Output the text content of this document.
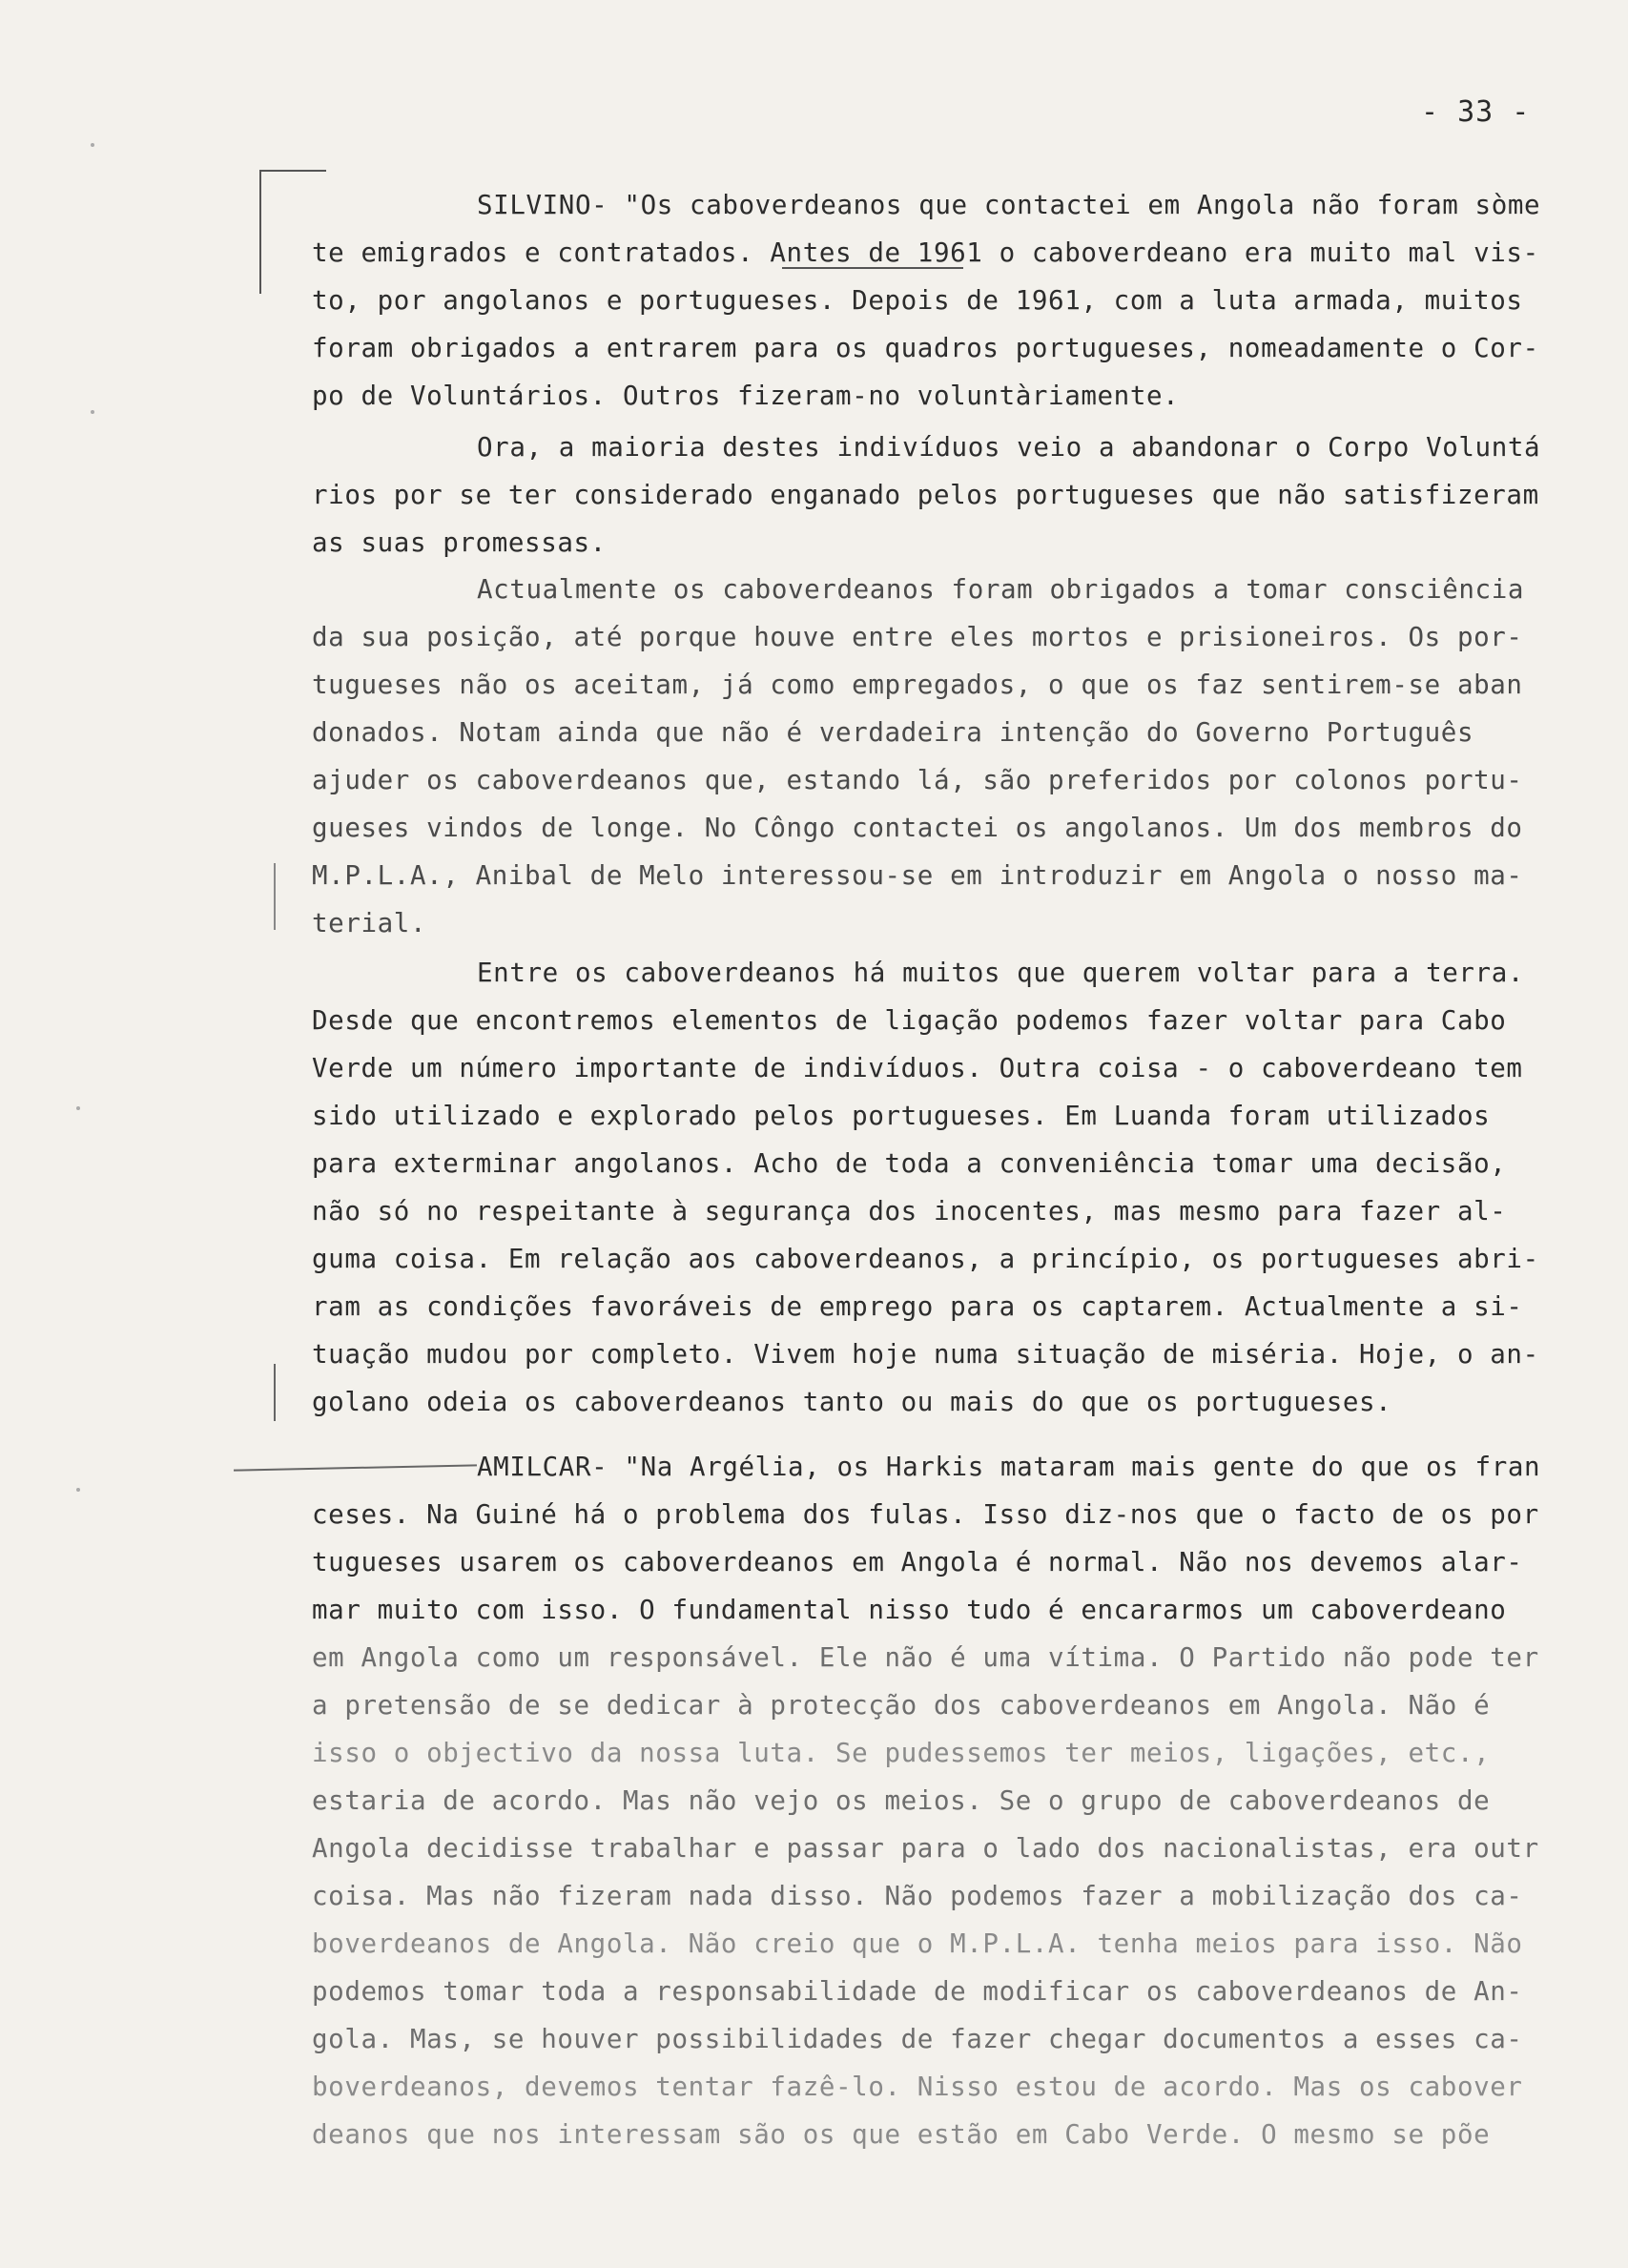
- 33 -
SILVINO- "Os caboverdeanos que contactei em Angola não foram sòme
te emigrados e contratados. Antes de 1961 o caboverdeano era muito mal vis-
to, por angolanos e portugueses. Depois de 1961, com a luta armada, muitos
foram obrigados a entrarem para os quadros portugueses, nomeadamente o Cor-
po de Voluntários. Outros fizeram-no voluntàriamente.
Ora, a maioria destes indivíduos veio a abandonar o Corpo Voluntá
rios por se ter considerado enganado pelos portugueses que não satisfizeram
as suas promessas.
Actualmente os caboverdeanos foram obrigados a tomar consciência
da sua posição, até porque houve entre eles mortos e prisioneiros. Os por-
tugueses não os aceitam, já como empregados, o que os faz sentirem-se aban
donados. Notam ainda que não é verdadeira intenção do Governo Português
ajuder os caboverdeanos que, estando lá, são preferidos por colonos portu-
gueses vindos de longe. No Côngo contactei os angolanos. Um dos membros do
M.P.L.A., Anibal de Melo interessou-se em introduzir em Angola o nosso ma-
terial.
Entre os caboverdeanos há muitos que querem voltar para a terra.
Desde que encontremos elementos de ligação podemos fazer voltar para Cabo
Verde um número importante de indivíduos. Outra coisa - o caboverdeano tem
sido utilizado e explorado pelos portugueses. Em Luanda foram utilizados
para exterminar angolanos. Acho de toda a conveniência tomar uma decisão,
não só no respeitante à segurança dos inocentes, mas mesmo para fazer al-
guma coisa. Em relação aos caboverdeanos, a princípio, os portugueses abri-
ram as condições favoráveis de emprego para os captarem. Actualmente a si-
tuação mudou por completo. Vivem hoje numa situação de miséria. Hoje, o an-
golano odeia os caboverdeanos tanto ou mais do que os portugueses.
AMILCAR- "Na Argélia, os Harkis mataram mais gente do que os fran
ceses. Na Guiné há o problema dos fulas. Isso diz-nos que o facto de os por
tugueses usarem os caboverdeanos em Angola é normal. Não nos devemos alar-
mar muito com isso. O fundamental nisso tudo é encararmos um caboverdeano
em Angola como um responsável. Ele não é uma vítima. O Partido não pode ter
a pretensão de se dedicar à protecção dos caboverdeanos em Angola. Não é
isso o objectivo da nossa luta. Se pudessemos ter meios, ligações, etc.,
estaria de acordo. Mas não vejo os meios. Se o grupo de caboverdeanos de
Angola decidisse trabalhar e passar para o lado dos nacionalistas, era outr
coisa. Mas não fizeram nada disso. Não podemos fazer a mobilização dos ca-
boverdeanos de Angola. Não creio que o M.P.L.A. tenha meios para isso. Não
podemos tomar toda a responsabilidade de modificar os caboverdeanos de An-
gola. Mas, se houver possibilidades de fazer chegar documentos a esses ca-
boverdeanos, devemos tentar fazê-lo. Nisso estou de acordo. Mas os cabover
deanos que nos interessam são os que estão em Cabo Verde. O mesmo se põe
